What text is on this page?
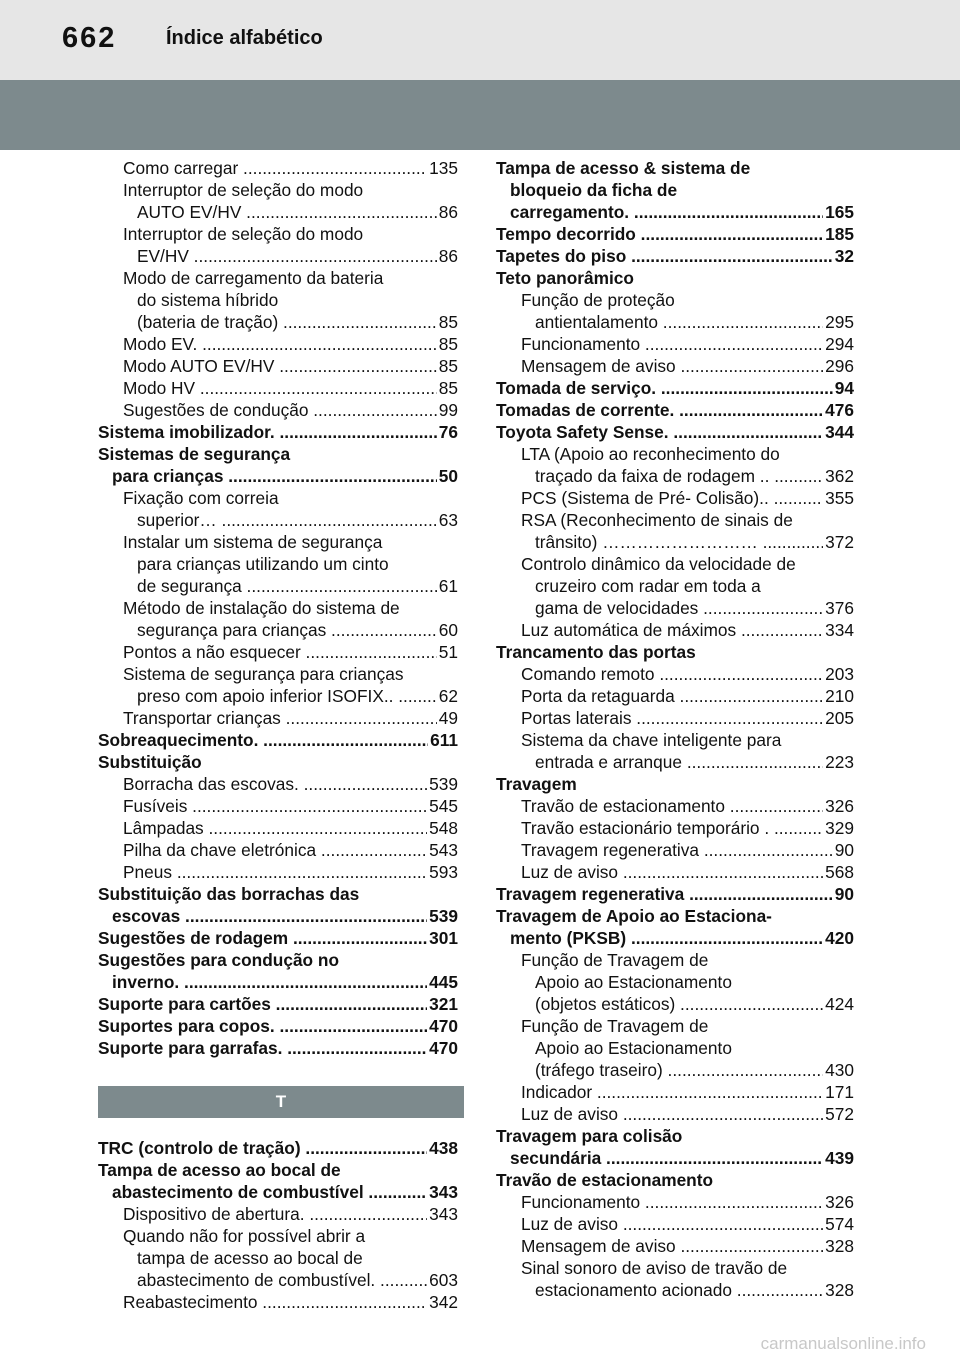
662 Índice alfabético
Como carregar .....	135
Interruptor de seleção do modo
AUTO EV/HV .....	86
Interruptor de seleção do modo
EV/HV .....	86
Modo de carregamento da bateria
do sistema híbrido
(bateria de tração) .....	85
Modo EV. .....	85
Modo AUTO EV/HV .....	85
Modo HV .....	85
Sugestões de condução .....	99
Sistema imobilizador. .....	76
Sistemas de segurança
para crianças .....	50
Fixação com correia
superior… .....	63
Instalar um sistema de segurança
para crianças utilizando um cinto
de segurança .....	61
Método de instalação do sistema de
segurança para crianças .....	60
Pontos a não esquecer .....	51
Sistema de segurança para crianças
preso com apoio inferior ISOFIX.. .....	62
Transportar crianças .....	49
Sobreaquecimento. .....	611
Substituição
Borracha das escovas. .....	539
Fusíveis .....	545
Lâmpadas .....	548
Pilha da chave eletrónica .....	543
Pneus .....	593
Substituição das borrachas das
escovas .....	539
Sugestões de rodagem .....	301
Sugestões para condução no
inverno. .....	445
Suporte para cartões .....	321
Suportes para copos. .....	470
Suporte para garrafas. .....	470
T
TRC (controlo de tração) .....	438
Tampa de acesso ao bocal de
abastecimento de combustível .....	343
Dispositivo de abertura. .....	343
Quando não for possível abrir a
tampa de acesso ao bocal de
abastecimento de combustível. .....	603
Reabastecimento .....	342
Tampa de acesso & sistema de
bloqueio da ficha de
carregamento. .....	165
Tempo decorrido .....	185
Tapetes do piso .....	32
Teto panorâmico
Função de proteção
antientalamento .....	295
Funcionamento .....	294
Mensagem de aviso .....	296
Tomada de serviço. .....	94
Tomadas de corrente. .....	476
Toyota Safety Sense. .....	344
LTA (Apoio ao reconhecimento do
traçado da faixa de rodagem .. .....	362
PCS (Sistema de Pré- Colisão).. .....	355
RSA (Reconhecimento de sinais de
trânsito) ……………………… .....	372
Controlo dinâmico da velocidade de
cruzeiro com radar em toda a
gama de velocidades .....	376
Luz automática de máximos .....	334
Trancamento das portas
Comando remoto .....	203
Porta da retaguarda .....	210
Portas laterais .....	205
Sistema da chave inteligente para
entrada e arranque .....	223
Travagem
Travão de estacionamento .....	326
Travão estacionário temporário . .....	329
Travagem regenerativa .....	90
Luz de aviso .....	568
Travagem regenerativa .....	90
Travagem de Apoio ao Estaciona-
mento (PKSB) .....	420
Função de Travagem de
Apoio ao Estacionamento
(objetos estáticos) .....	424
Função de Travagem de
Apoio ao Estacionamento
(tráfego traseiro) .....	430
Indicador .....	171
Luz de aviso .....	572
Travagem para colisão
secundária .....	439
Travão de estacionamento
Funcionamento .....	326
Luz de aviso .....	574
Mensagem de aviso .....	328
Sinal sonoro de aviso de travão de
estacionamento acionado .....	328
carmanualsonline.info
